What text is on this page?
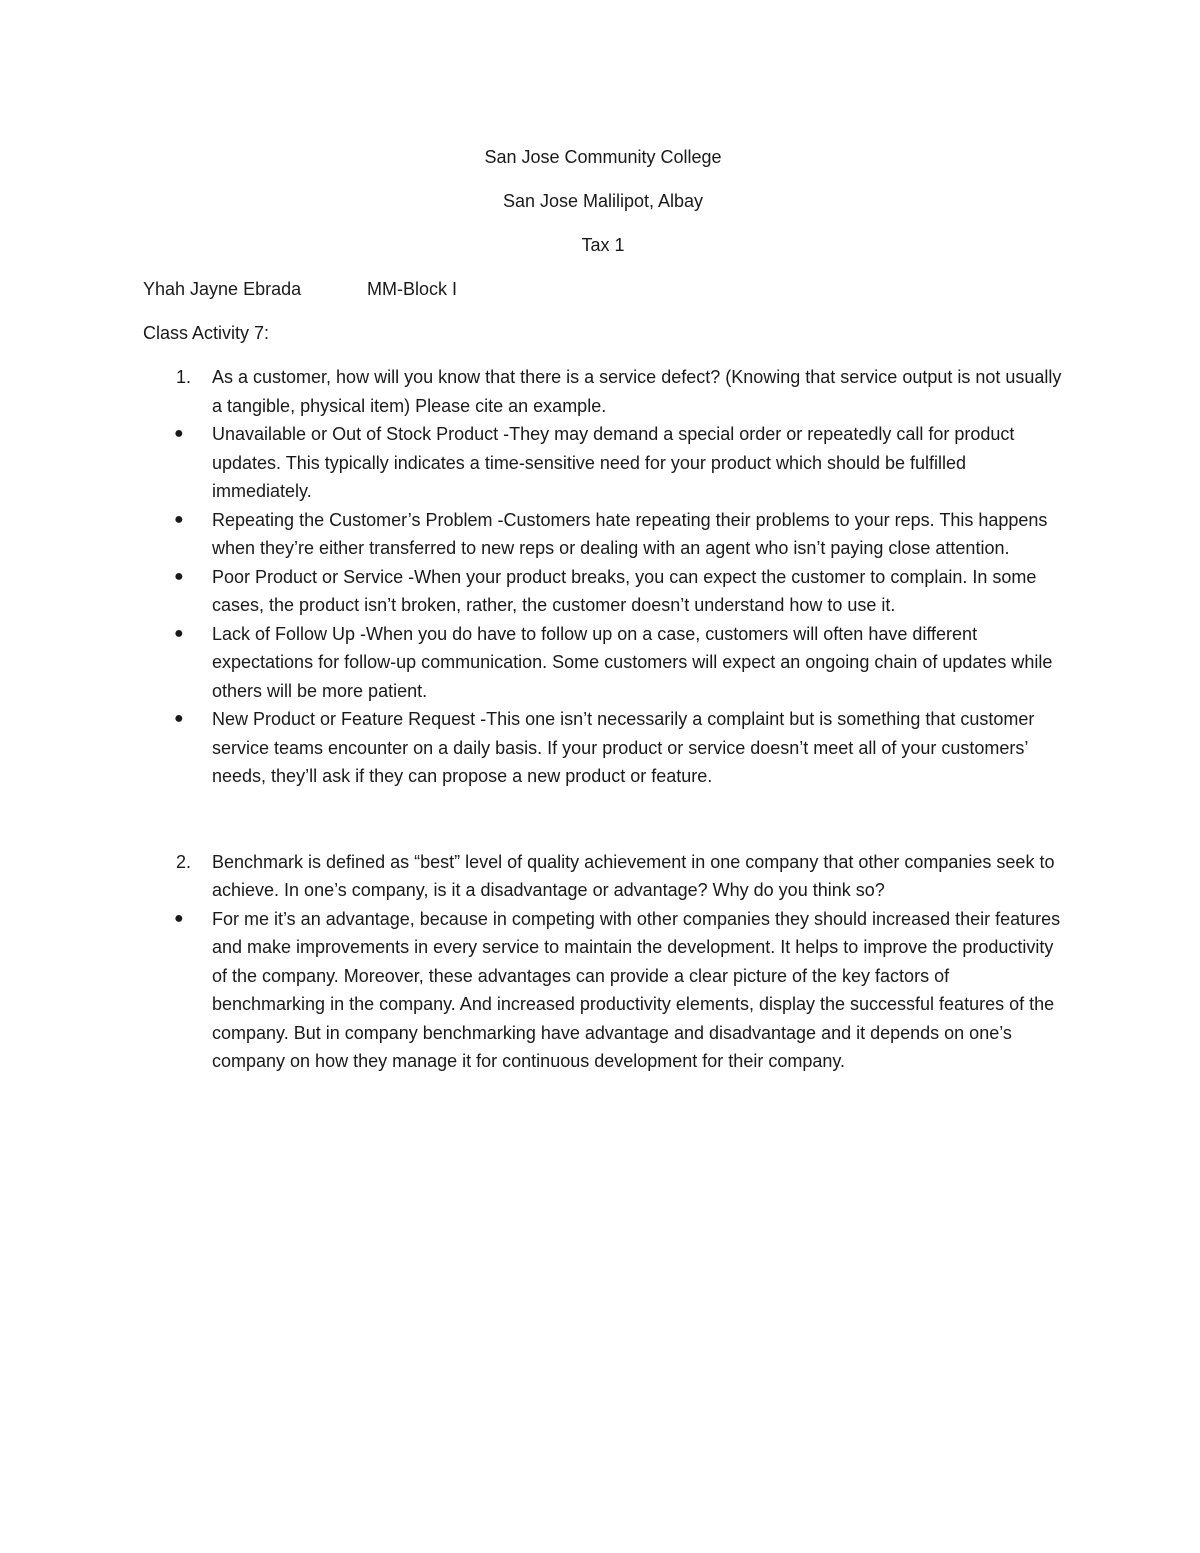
San Jose Community College
San Jose Malilipot, Albay
Tax 1
Yhah Jayne Ebrada	MM-Block I
Class Activity 7:
1. As a customer, how will you know that there is a service defect? (Knowing that service output is not usually a tangible, physical item) Please cite an example.
● Unavailable or Out of Stock Product -They may demand a special order or repeatedly call for product updates. This typically indicates a time-sensitive need for your product which should be fulfilled immediately.
● Repeating the Customer’s Problem -Customers hate repeating their problems to your reps. This happens when they’re either transferred to new reps or dealing with an agent who isn’t paying close attention.
● Poor Product or Service -When your product breaks, you can expect the customer to complain. In some cases, the product isn’t broken, rather, the customer doesn’t understand how to use it.
● Lack of Follow Up -When you do have to follow up on a case, customers will often have different expectations for follow-up communication. Some customers will expect an ongoing chain of updates while others will be more patient.
● New Product or Feature Request -This one isn’t necessarily a complaint but is something that customer service teams encounter on a daily basis. If your product or service doesn’t meet all of your customers’ needs, they’ll ask if they can propose a new product or feature.
2. Benchmark is defined as “best” level of quality achievement in one company that other companies seek to achieve. In one’s company, is it a disadvantage or advantage? Why do you think so?
● For me it’s an advantage, because in competing with other companies they should increased their features and make improvements in every service to maintain the development. It helps to improve the productivity of the company. Moreover, these advantages can provide a clear picture of the key factors of benchmarking in the company. And increased productivity elements, display the successful features of the company. But in company benchmarking have advantage and disadvantage and it depends on one’s company on how they manage it for continuous development for their company.
